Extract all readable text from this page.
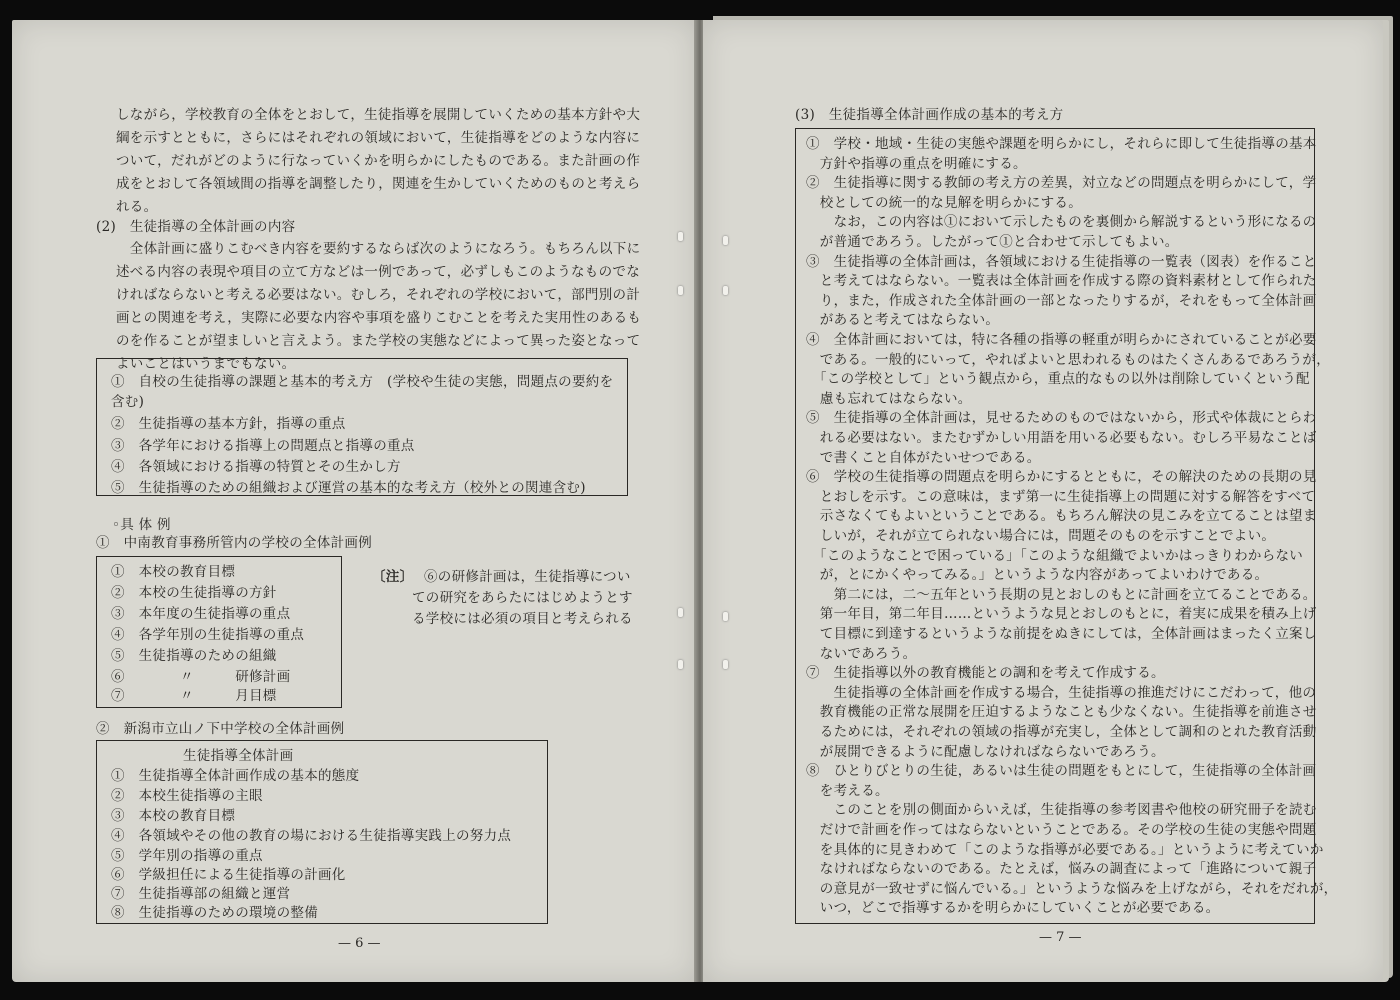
しながら，学校教育の全体をとおして，生徒指導を展開していくための基本方針や大
綱を示すとともに，さらにはそれぞれの領域において，生徒指導をどのような内容に
ついて，だれがどのように行なっていくかを明らかにしたものである。また計画の作
成をとおして各領域間の指導を調整したり，関連を生かしていくためのものと考えら
れる。
(2)　生徒指導の全体計画の内容
　全体計画に盛りこむべき内容を要約するならば次のようになろう。もちろん以下に
述べる内容の表現や項目の立て方などは一例であって，必ずしもこのようなものでな
ければならないと考える必要はない。むしろ，それぞれの学校において，部門別の計
画との関連を考え，実際に必要な内容や事項を盛りこむことを考えた実用性のあるも
のを作ることが望ましいと言えよう。また学校の実態などによって異った姿となって
よいことはいうまでもない。
①　自校の生徒指導の課題と基本的考え方　(学校や生徒の実態，問題点の要約を
含む)
②　生徒指導の基本方針，指導の重点
③　各学年における指導上の問題点と指導の重点
④　各領域における指導の特質とその生かし方
⑤　生徒指導のための組織および運営の基本的な考え方（校外との関連含む)
◦具 体 例
①　中南教育事務所管内の学校の全体計画例
①　本校の教育目標
②　本校の生徒指導の方針
③　本年度の生徒指導の重点
④　各学年別の生徒指導の重点
⑤　生徒指導のための組織
⑥　　　　〃　　　研修計画
⑦　　　　〃　　　月目標
〔注〕 ⑥の研修計画は，生徒指導につい
ての研究をあらたにはじめようとす
る学校には必須の項目と考えられる
②　新潟市立山ノ下中学校の全体計画例
生徒指導全体計画
①　生徒指導全体計画作成の基本的態度
②　本校生徒指導の主眼
③　本校の教育目標
④　各領域やその他の教育の場における生徒指導実践上の努力点
⑤　学年別の指導の重点
⑥　学級担任による生徒指導の計画化
⑦　生徒指導部の組織と運営
⑧　生徒指導のための環境の整備
— 6 —
(3)　生徒指導全体計画作成の基本的考え方
①　学校・地域・生徒の実態や課題を明らかにし，それらに即して生徒指導の基本
　方針や指導の重点を明確にする。
②　生徒指導に関する教師の考え方の差異，対立などの問題点を明らかにして，学
　校としての統一的な見解を明らかにする。
　　なお，この内容は①において示したものを裏側から解説するという形になるの
　が普通であろう。したがって①と合わせて示してもよい。
③　生徒指導の全体計画は，各領域における生徒指導の一覧表（図表）を作ること
　と考えてはならない。一覧表は全体計画を作成する際の資料素材として作られた
　り，また，作成された全体計画の一部となったりするが，それをもって全体計画
　があると考えてはならない。
④　全体計画においては，特に各種の指導の軽重が明らかにされていることが必要
　である。一般的にいって，やればよいと思われるものはたくさんあるであろうが，
　「この学校として」という観点から，重点的なもの以外は削除していくという配
　慮も忘れてはならない。
⑤　生徒指導の全体計画は，見せるためのものではないから，形式や体裁にとらわ
　れる必要はない。またむずかしい用語を用いる必要もない。むしろ平易なことば
　で書くこと自体がたいせつである。
⑥　学校の生徒指導の問題点を明らかにするとともに，その解決のための長期の見
　とおしを示す。この意味は，まず第一に生徒指導上の問題に対する解答をすべて
　示さなくてもよいということである。もちろん解決の見こみを立てることは望ま
　しいが，それが立てられない場合には，問題そのものを示すことでよい。
　「このようなことで困っている」「このような組織でよいかはっきりわからない
　が，とにかくやってみる。」というような内容があってよいわけである。
　　第二には，二～五年という長期の見とおしのもとに計画を立てることである。
　第一年目，第二年目……というような見とおしのもとに，着実に成果を積み上げ
　て目標に到達するというような前提をぬきにしては，全体計画はまったく立案し
　ないであろう。
⑦　生徒指導以外の教育機能との調和を考えて作成する。
　　生徒指導の全体計画を作成する場合，生徒指導の推進だけにこだわって，他の
　教育機能の正常な展開を圧迫するようなことも少なくない。生徒指導を前進させ
　るためには，それぞれの領域の指導が充実し，全体として調和のとれた教育活動
　が展開できるように配慮しなければならないであろう。
⑧　ひとりびとりの生徒，あるいは生徒の問題をもとにして，生徒指導の全体計画
　を考える。
　　このことを別の側面からいえば，生徒指導の参考図書や他校の研究冊子を読む
　だけで計画を作ってはならないということである。その学校の生徒の実態や問題
　を具体的に見きわめて「このような指導が必要である。」というように考えていか
　なければならないのである。たとえば，悩みの調査によって「進路について親子
　の意見が一致せずに悩んでいる。」というような悩みを上げながら，それをだれが，
　いつ，どこで指導するかを明らかにしていくことが必要である。
— 7 —
